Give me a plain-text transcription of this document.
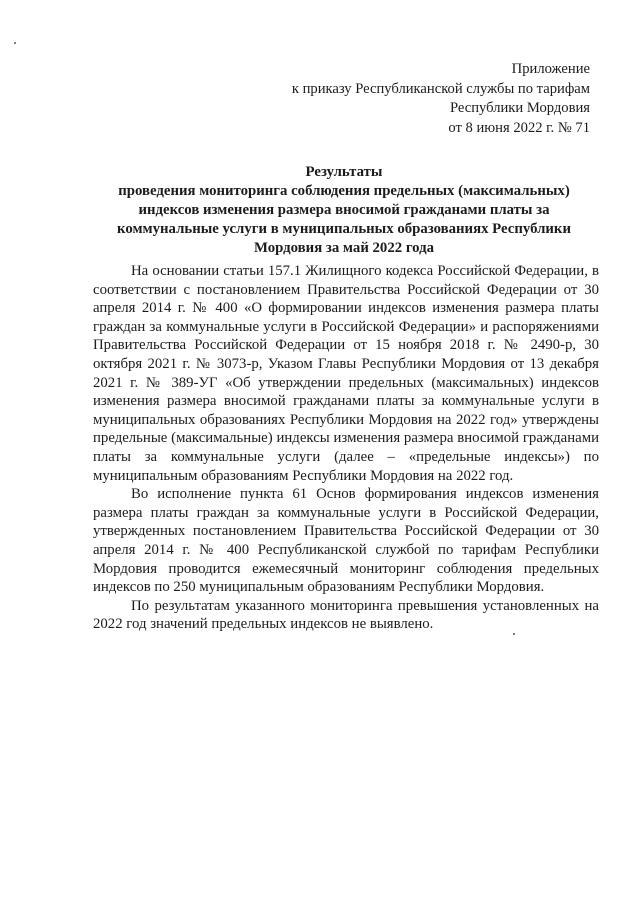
Приложение
к приказу Республиканской службы по тарифам
Республики Мордовия
от 8 июня 2022 г. № 71
Результаты
проведения мониторинга соблюдения предельных (максимальных)
индексов изменения размера вносимой гражданами платы за
коммунальные услуги в муниципальных образованиях Республики
Мордовия за май 2022 года

На основании статьи 157.1 Жилищного кодекса Российской Федерации, в соответствии с постановлением Правительства Российской Федерации от 30 апреля 2014 г. № 400 «О формировании индексов изменения размера платы граждан за коммунальные услуги в Российской Федерации» и распоряжениями Правительства Российской Федерации от 15 ноября 2018 г. № 2490-р, 30 октября 2021 г. № 3073-р, Указом Главы Республики Мордовия от 13 декабря 2021 г. № 389-УГ «Об утверждении предельных (максимальных) индексов изменения размера вносимой гражданами платы за коммунальные услуги в муниципальных образованиях Республики Мордовия на 2022 год» утверждены предельные (максимальные) индексы изменения размера вносимой гражданами платы за коммунальные услуги (далее – «предельные индексы») по муниципальным образованиям Республики Мордовия на 2022 год.

Во исполнение пункта 61 Основ формирования индексов изменения размера платы граждан за коммунальные услуги в Российской Федерации, утвержденных постановлением Правительства Российской Федерации от 30 апреля 2014 г. № 400 Республиканской службой по тарифам Республики Мордовия проводится ежемесячный мониторинг соблюдения предельных индексов по 250 муниципальным образованиям Республики Мордовия.

По результатам указанного мониторинга превышения установленных на 2022 год значений предельных индексов не выявлено.
